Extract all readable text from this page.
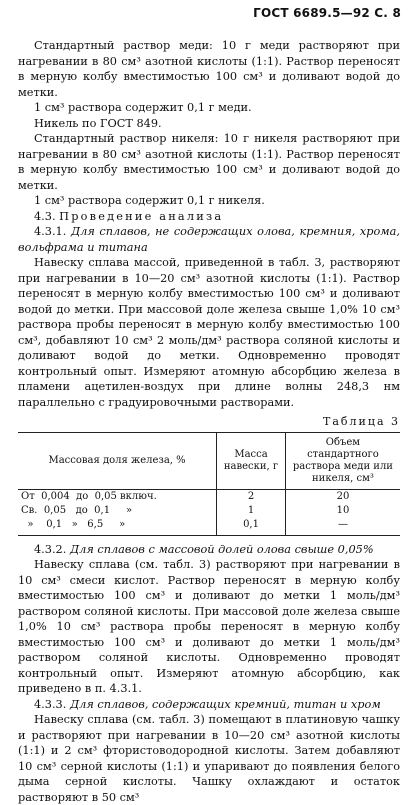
ГОСТ 6689.5—92 С. 8

Стандартный раствор меди: 10 г меди растворяют при нагревании в 80 см³ азотной кислоты (1:1). Раствор переносят в мерную колбу вместимостью 100 см³ и доливают водой до метки.

1 см³ раствора содержит 0,1 г меди.

Никель по ГОСТ 849.

Стандартный раствор никеля: 10 г никеля растворяют при нагревании в 80 см³ азотной кислоты (1:1). Раствор переносят в мерную колбу вместимостью 100 см³ и доливают водой до метки.

1 см³ раствора содержит 0,1 г никеля.

4.3. Проведение анализа

4.3.1. Для сплавов, не содержащих олова, кремния, хрома, вольфрама и титана

Навеску сплава массой, приведенной в табл. 3, растворяют при нагревании в 10—20 см³ азотной кислоты (1:1). Раствор переносят в мерную колбу вместимостью 100 см³ и доливают водой до метки. При массовой доле железа свыше 1,0% 10 см³ раствора пробы переносят в мерную колбу вместимостью 100 см³, добавляют 10 см³ 2 моль/дм³ раствора соляной кислоты и доливают водой до метки. Одновременно проводят контрольный опыт. Измеряют атомную абсорбцию железа в пламени ацетилен-воздух при длине волны 248,3 нм параллельно с градуировочными растворами.

Таблица 3
Массовая доля железа, %	Масса навески, г	Объем стандартного раствора меди или никеля, см³
От  0,004  до  0,05 включ.	2	20
Св.  0,05   до  0,1     »	1	10
»    0,1   »   6,5     »	0,1	—

4.3.2. Для сплавов с массовой долей олова свыше 0,05%

Навеску сплава (см. табл. 3) растворяют при нагревании в 10 см³ смеси кислот. Раствор переносят в мерную колбу вместимостью 100 см³ и доливают до метки 1 моль/дм³ раствором соляной кислоты. При массовой доле железа свыше 1,0% 10 см³ раствора пробы переносят в мерную колбу вместимостью 100 см³ и доливают до метки 1 моль/дм³ раствором соляной кислоты. Одновременно проводят контрольный опыт. Измеряют атомную абсорбцию, как приведено в п. 4.3.1.

4.3.3. Для сплавов, содержащих кремний, титан и хром

Навеску сплава (см. табл. 3) помещают в платиновую чашку и растворяют при нагревании в 10—20 см³ азотной кислоты (1:1) и 2 см³ фтористоводородной кислоты. Затем добавляют 10 см³ серной кислоты (1:1) и упаривают до появления белого дыма серной кислоты. Чашку охлаждают и остаток растворяют в 50 см³
